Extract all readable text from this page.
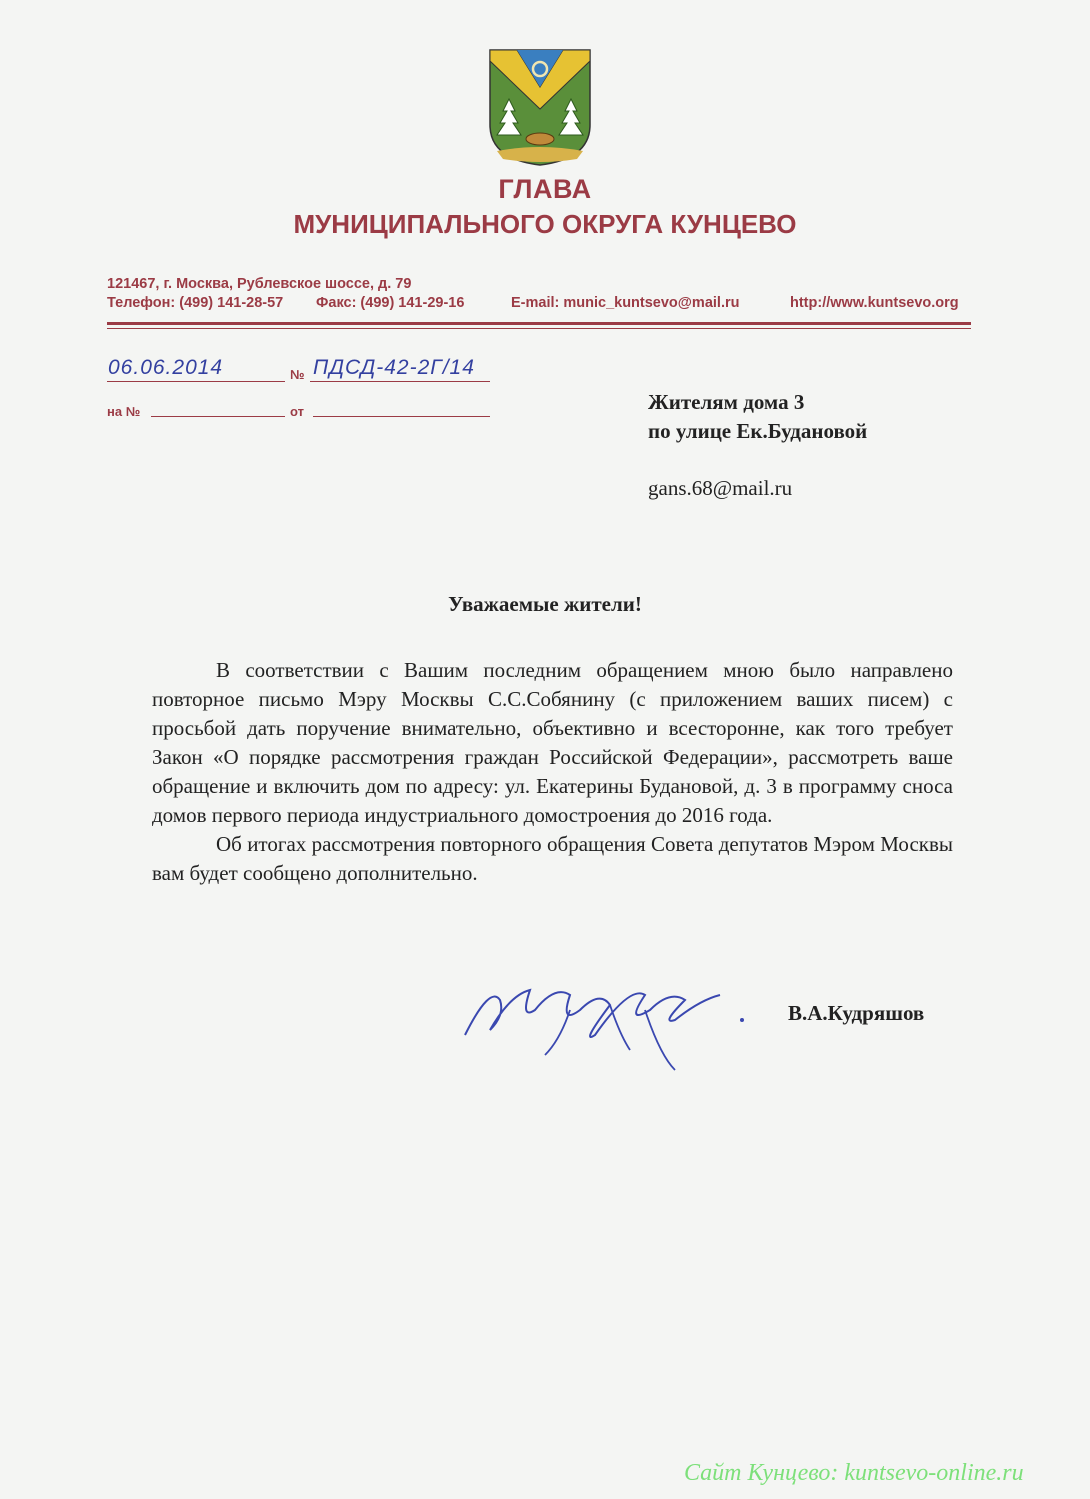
ГЛАВА
МУНИЦИПАЛЬНОГО ОКРУГА КУНЦЕВО
121467, г. Москва, Рублевское шоссе, д. 79
Телефон: (499) 141-28-57 Факс: (499) 141-29-16	E-mail: munic_kuntsevo@mail.ru	http://www.kuntsevo.org
06.06.2014	№ ПДСД-42-2Г/14
на №	от	Жителям дома 3
по улице Ек.Будановой
gans.68@mail.ru
Уважаемые жители!

В соответствии с Вашим последним обращением мною было направлено повторное письмо Мэру Москвы С.С.Собянину (с приложением ваших писем) с просьбой дать поручение внимательно, объективно и всесторонне, как того требует Закон «О порядке рассмотрения граждан Российской Федерации», рассмотреть ваше обращение и включить дом по адресу: ул. Екатерины Будановой, д. 3 в программу сноса домов первого периода индустриального домостроения до 2016 года.

Об итогах рассмотрения повторного обращения Совета депутатов Мэром Москвы вам будет сообщено дополнительно.

В.А.Кудряшов
Сайт Кунцево: kuntsevo-online.ru
